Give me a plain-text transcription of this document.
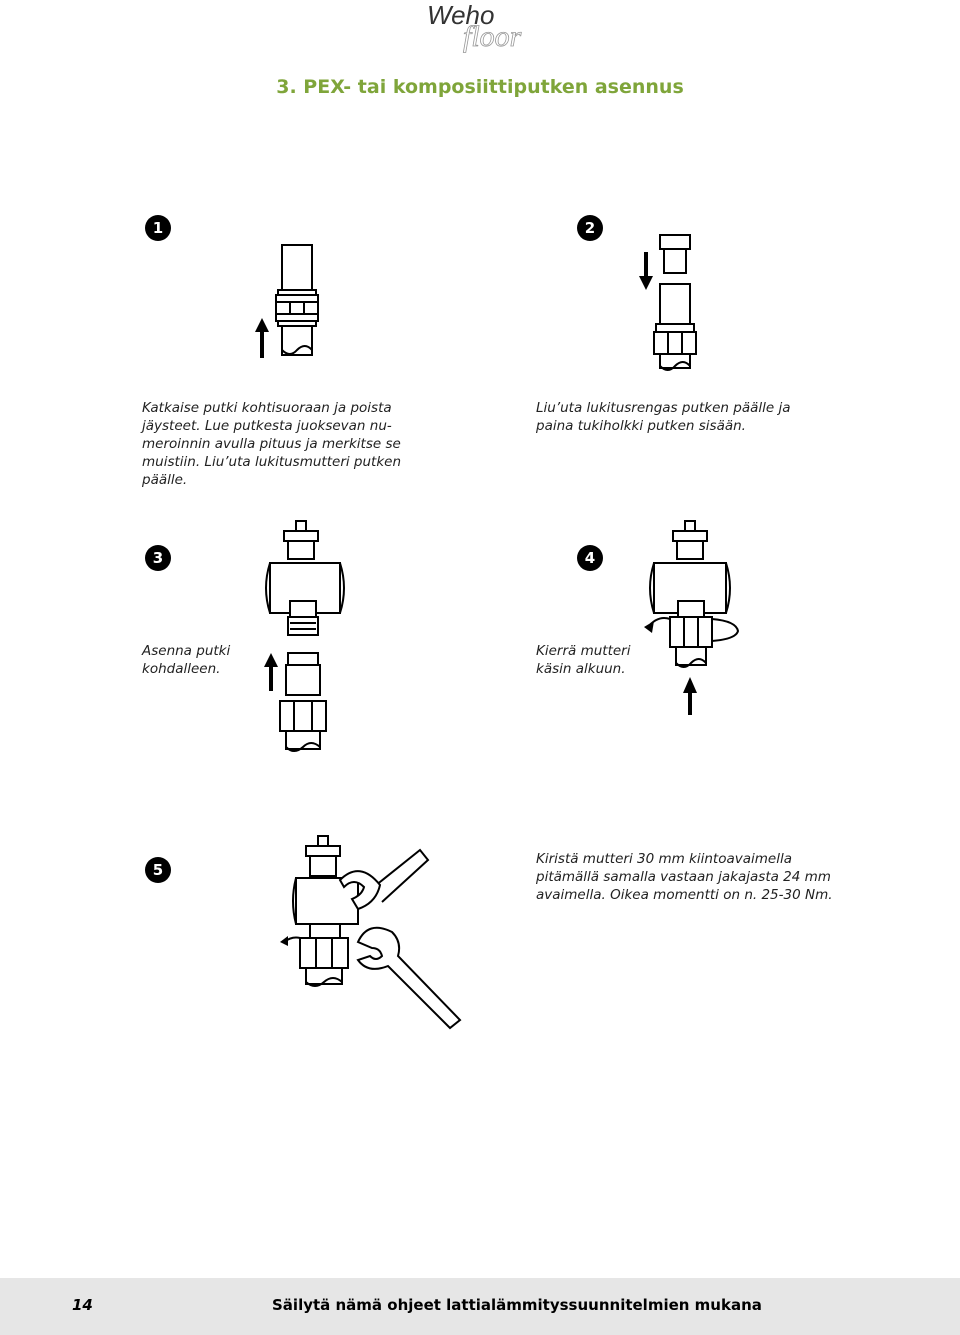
Weho
floor
3. PEX- tai komposiittiputken asennus
1	2
3	4
5
Katkaise putki kohtisuoraan ja poista
jäysteet. Lue putkesta juoksevan nu-
meroinnin avulla pituus ja merkitse se
muistiin. Liu’uta lukitusmutteri putken
päälle.
Liu’uta lukitusrengas putken päälle ja
paina tukiholkki putken sisään.
Asenna putki
kohdalleen.
Kierrä mutteri
käsin alkuun.
Kiristä mutteri 30 mm kiintoavaimella
pitämällä samalla vastaan jakajasta 24 mm
avaimella. Oikea momentti on n. 25-30 Nm.
14	Säilytä nämä ohjeet lattialämmityssuunnitelmien mukana
